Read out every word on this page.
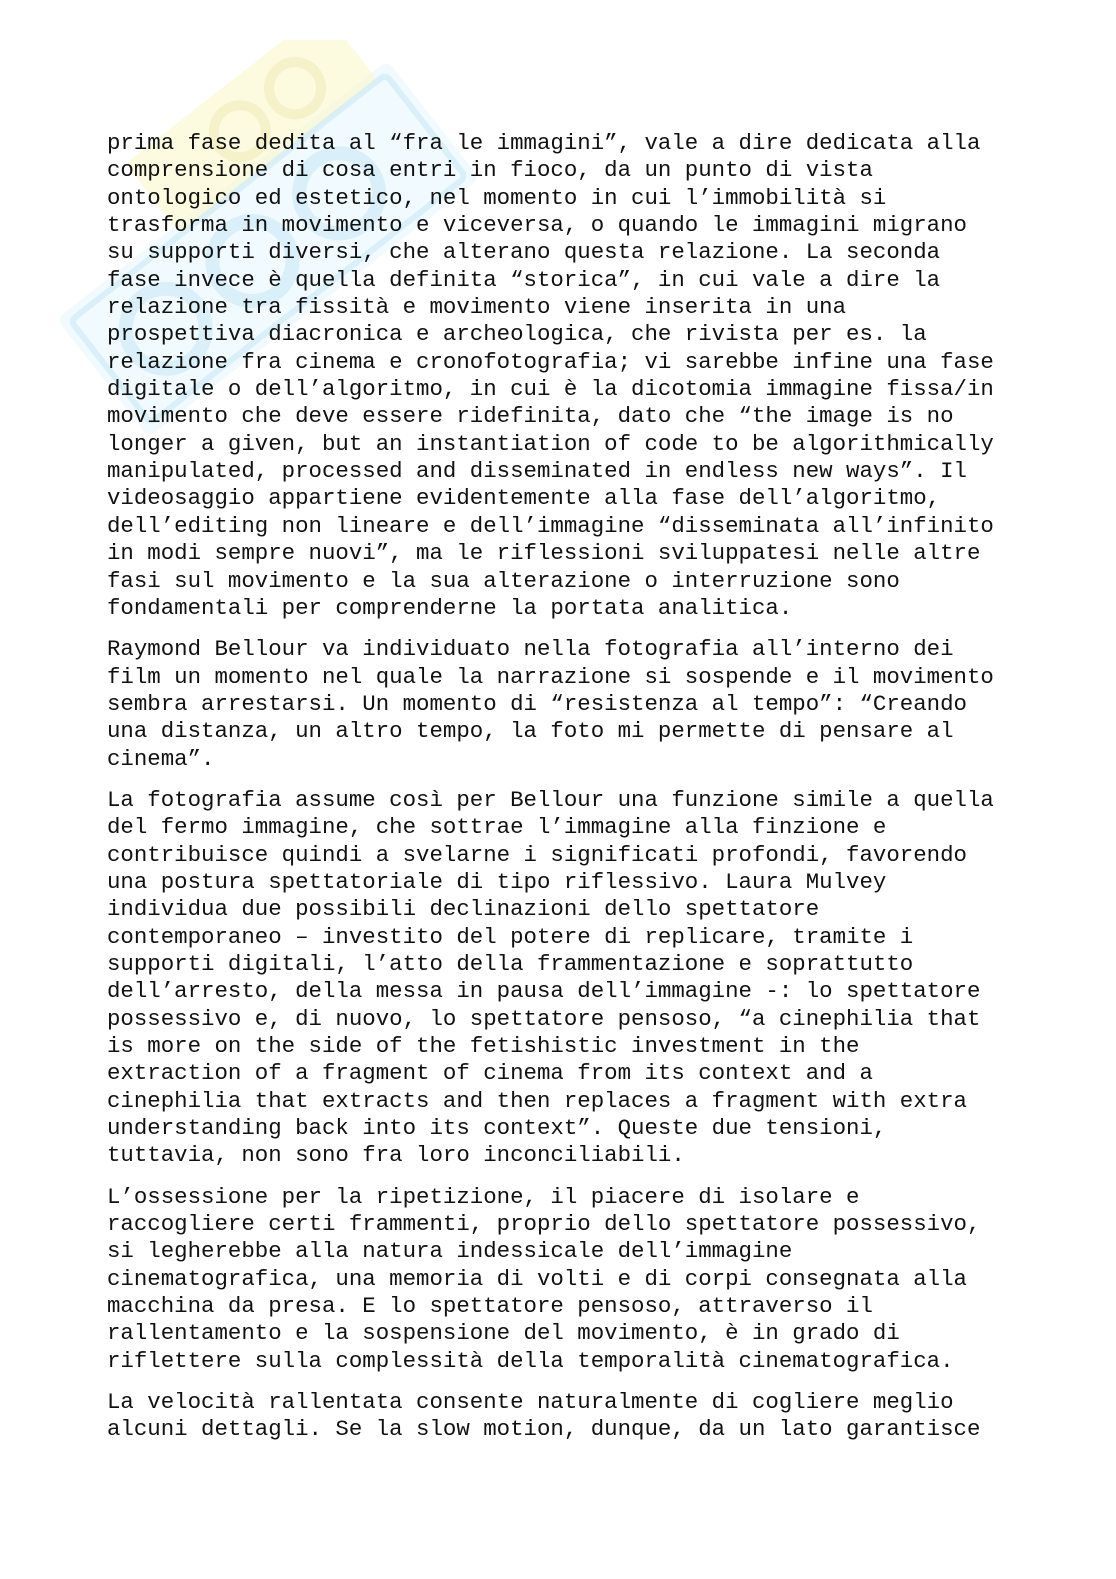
prima fase dedita al “fra le immagini”, vale a dire dedicata alla
comprensione di cosa entri in fioco, da un punto di vista
ontologico ed estetico, nel momento in cui l’immobilità si
trasforma in movimento e viceversa, o quando le immagini migrano
su supporti diversi, che alterano questa relazione. La seconda
fase invece è quella definita “storica”, in cui vale a dire la
relazione tra fissità e movimento viene inserita in una
prospettiva diacronica e archeologica, che rivista per es. la
relazione fra cinema e cronofotografia; vi sarebbe infine una fase
digitale o dell’algoritmo, in cui è la dicotomia immagine fissa/in
movimento che deve essere ridefinita, dato che “the image is no
longer a given, but an instantiation of code to be algorithmically
manipulated, processed and disseminated in endless new ways”. Il
videosaggio appartiene evidentemente alla fase dell’algoritmo,
dell’editing non lineare e dell’immagine “disseminata all’infinito
in modi sempre nuovi”, ma le riflessioni sviluppatesi nelle altre
fasi sul movimento e la sua alterazione o interruzione sono
fondamentali per comprenderne la portata analitica.

Raymond Bellour va individuato nella fotografia all’interno dei
film un momento nel quale la narrazione si sospende e il movimento
sembra arrestarsi. Un momento di “resistenza al tempo”: “Creando
una distanza, un altro tempo, la foto mi permette di pensare al
cinema”.

La fotografia assume così per Bellour una funzione simile a quella
del fermo immagine, che sottrae l’immagine alla finzione e
contribuisce quindi a svelarne i significati profondi, favorendo
una postura spettatoriale di tipo riflessivo. Laura Mulvey
individua due possibili declinazioni dello spettatore
contemporaneo – investito del potere di replicare, tramite i
supporti digitali, l’atto della frammentazione e soprattutto
dell’arresto, della messa in pausa dell’immagine -: lo spettatore
possessivo e, di nuovo, lo spettatore pensoso, “a cinephilia that
is more on the side of the fetishistic investment in the
extraction of a fragment of cinema from its context and a
cinephilia that extracts and then replaces a fragment with extra
understanding back into its context”. Queste due tensioni,
tuttavia, non sono fra loro inconciliabili.

L’ossessione per la ripetizione, il piacere di isolare e
raccogliere certi frammenti, proprio dello spettatore possessivo,
si legherebbe alla natura indessicale dell’immagine
cinematografica, una memoria di volti e di corpi consegnata alla
macchina da presa. E lo spettatore pensoso, attraverso il
rallentamento e la sospensione del movimento, è in grado di
riflettere sulla complessità della temporalità cinematografica.

La velocità rallentata consente naturalmente di cogliere meglio
alcuni dettagli. Se la slow motion, dunque, da un lato garantisce
